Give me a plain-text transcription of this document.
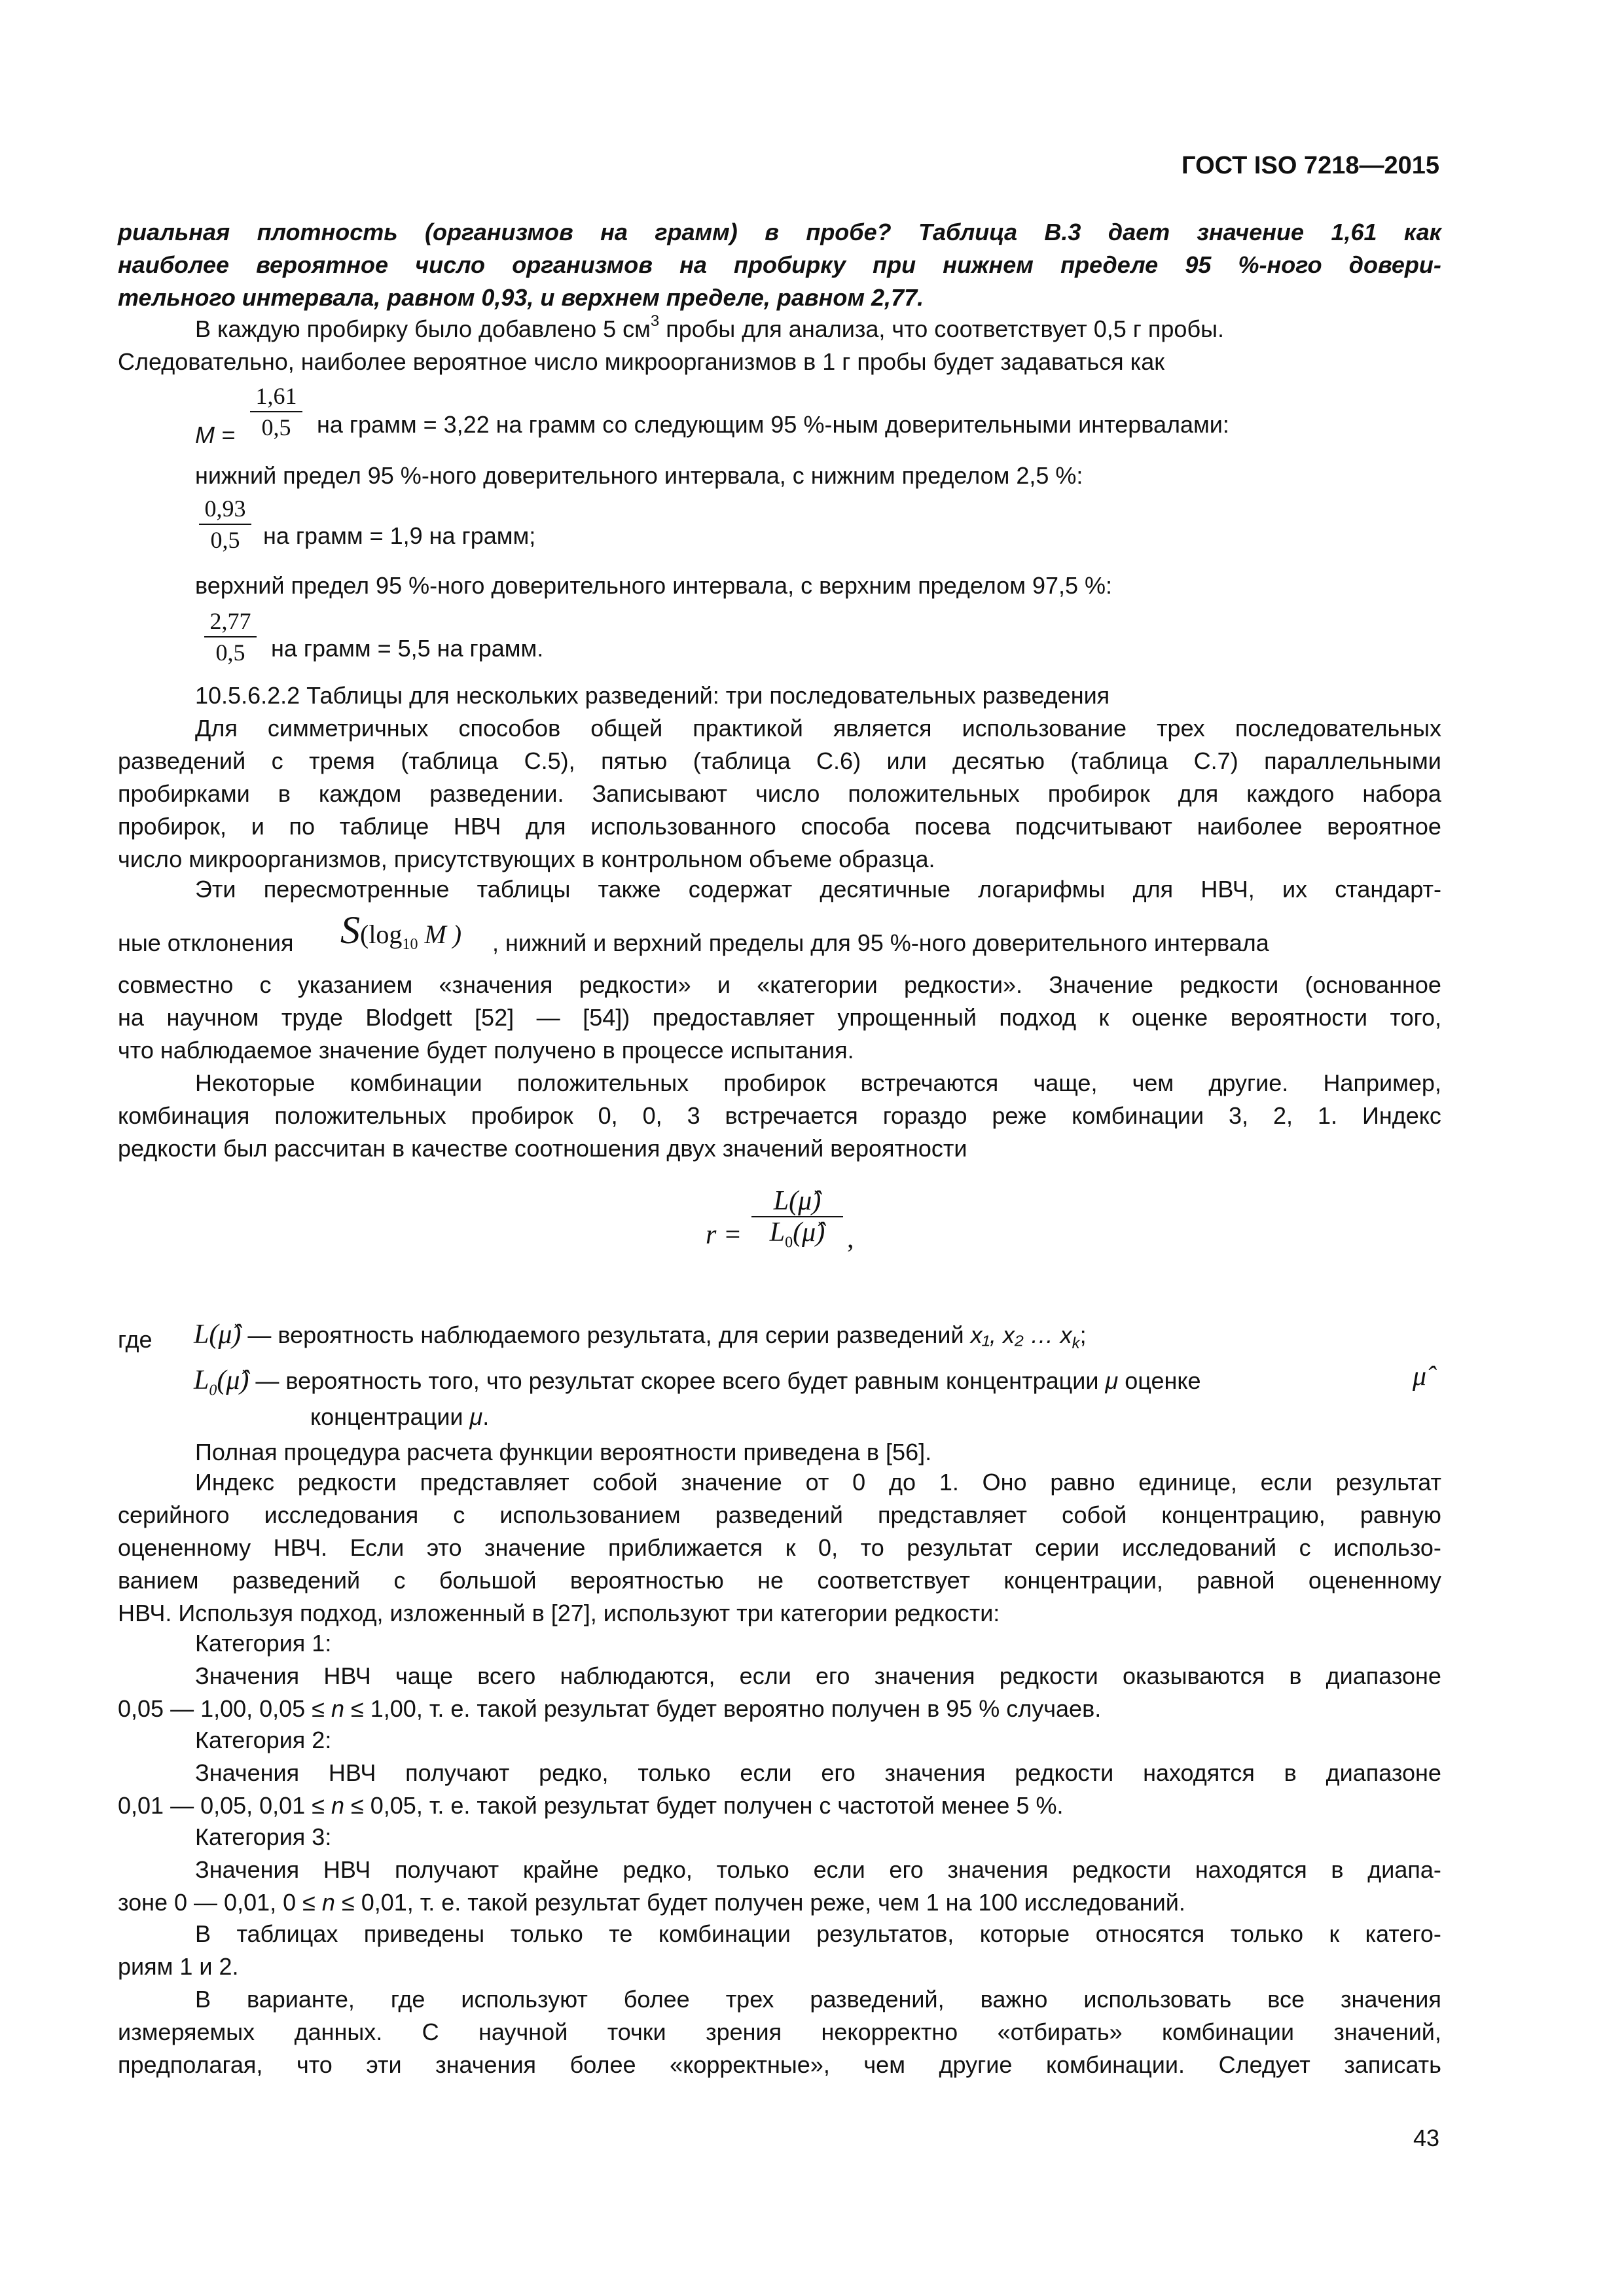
ГОСТ ISO 7218—2015
риальная плотность (организмов на грамм) в пробе? Таблица В.3 дает значение 1,61 как
наиболее вероятное число организмов на пробирку при нижнем пределе 95 %-ного довери-
тельного интервала, равном 0,93, и верхнем пределе, равном 2,77.
В каждую пробирку было добавлено 5 $см^3$ пробы для анализа, что соответствует 0,5 г пробы.
Следовательно, наиболее вероятное число микроорганизмов в 1 г пробы будет задаваться как
M =
1,61
0,5	на грамм = 3,22 на грамм со следующим 95 %-ным доверительными интервалами:
нижний предел 95 %-ного доверительного интервала, с нижним пределом 2,5 %:
0,93
0,5 на грамм = 1,9 на грамм;
верхний предел 95 %-ного доверительного интервала, с верхним пределом 97,5 %:
2,77
0,5	на грамм = 5,5 на грамм.
10.5.6.2.2 Таблицы для нескольких разведений: три последовательных разведения
Для симметричных способов общей практикой является использование трех последовательных
разведений с тремя (таблица С.5), пятью (таблица С.6) или десятью (таблица С.7) параллельными
пробирками в каждом разведении. Записывают число положительных пробирок для каждого набора
пробирок, и по таблице НВЧ для использованного способа посева подсчитывают наиболее вероятное
число микроорганизмов, присутствующих в контрольном объеме образца.
Эти пересмотренные таблицы также содержат десятичные логарифмы для НВЧ, их стандарт-
ные отклонения $S(\log_{10}$ M ) , нижний и верхний пределы для 95 %-ного доверительного интервала
совместно с указанием «значения редкости» и «категории редкости». Значение редкости (основанное
на научном труде Blodgett [52] — [54]) предоставляет упрощенный подход к оценке вероятности того,
что наблюдаемое значение будет получено в процессе испытания.
Некоторые комбинации положительных пробирок встречаются чаще, чем другие. Например,
комбинация положительных пробирок 0, 0, 3 встречается гораздо реже комбинации 3, 2, 1. Индекс
редкости был рассчитан в качестве соотношения двух значений вероятности
r =
L(μ̂)
$L_0(\mû)$ ,
где L(μ̂) — вероятность наблюдаемого результата, для серии разведений x₁, x₂ … $x_k$;
$L_0(\mû)$ — вероятность того, что результат скорее всего будет равным концентрации μ оценке	μ̂
концентрации μ.
Полная процедура расчета функции вероятности приведена в [56].
Индекс редкости представляет собой значение от 0 до 1. Оно равно единице, если результат
серийного исследования с использованием разведений представляет собой концентрацию, равную
оцененному НВЧ. Если это значение приближается к 0, то результат серии исследований с использо-
ванием разведений с большой вероятностью не соответствует концентрации, равной оцененному
НВЧ. Используя подход, изложенный в [27], используют три категории редкости:
Категория 1:
Значения НВЧ чаще всего наблюдаются, если его значения редкости оказываются в диапазоне
0,05 — 1,00, 0,05 ≤ n ≤ 1,00, т. е. такой результат будет вероятно получен в 95 % случаев.
Категория 2:
Значения НВЧ получают редко, только если его значения редкости находятся в диапазоне
0,01 — 0,05, 0,01 ≤ n ≤ 0,05, т. е. такой результат будет получен с частотой менее 5 %.
Категория 3:
Значения НВЧ получают крайне редко, только если его значения редкости находятся в диапа-
зоне 0 — 0,01, 0 ≤ n ≤ 0,01, т. е. такой результат будет получен реже, чем 1 на 100 исследований.
В таблицах приведены только те комбинации результатов, которые относятся только к катего-
риям 1 и 2.
В варианте, где используют более трех разведений, важно использовать все значения
измеряемых данных. С научной точки зрения некорректно «отбирать» комбинации значений,
предполагая, что эти значения более «корректные», чем другие комбинации. Следует записать
43
